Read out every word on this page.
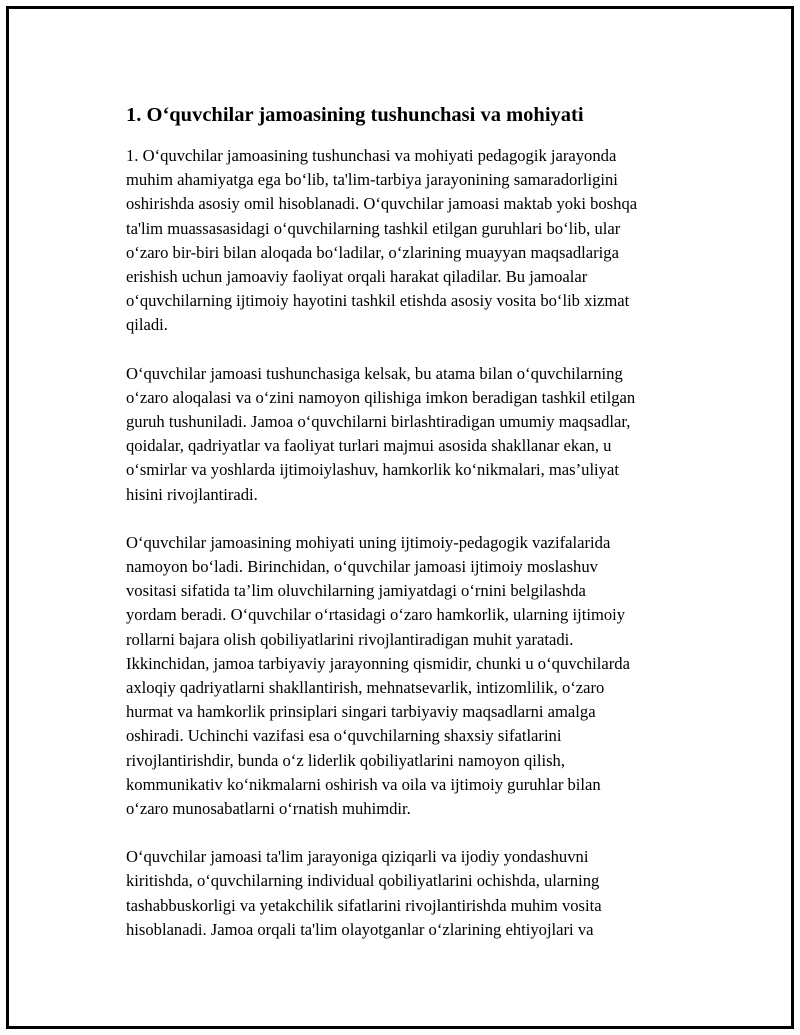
1. O‘quvchilar jamoasining tushunchasi va mohiyati

1. O‘quvchilar jamoasining tushunchasi va mohiyati pedagogik jarayonda
muhim ahamiyatga ega bo‘lib, ta'lim-tarbiya jarayonining samaradorligini
oshirishda asosiy omil hisoblanadi. O‘quvchilar jamoasi maktab yoki boshqa
ta'lim muassasasidagi o‘quvchilarning tashkil etilgan guruhlari bo‘lib, ular
o‘zaro bir-biri bilan aloqada bo‘ladilar, o‘zlarining muayyan maqsadlariga
erishish uchun jamoaviy faoliyat orqali harakat qiladilar. Bu jamoalar
o‘quvchilarning ijtimoiy hayotini tashkil etishda asosiy vosita bo‘lib xizmat
qiladi.

O‘quvchilar jamoasi tushunchasiga kelsak, bu atama bilan o‘quvchilarning
o‘zaro aloqalasi va o‘zini namoyon qilishiga imkon beradigan tashkil etilgan
guruh tushuniladi. Jamoa o‘quvchilarni birlashtiradigan umumiy maqsadlar,
qoidalar, qadriyatlar va faoliyat turlari majmui asosida shakllanar ekan, u
o‘smirlar va yoshlarda ijtimoiylashuv, hamkorlik ko‘nikmalari, mas’uliyat
hisini rivojlantiradi.

O‘quvchilar jamoasining mohiyati uning ijtimoiy-pedagogik vazifalarida
namoyon bo‘ladi. Birinchidan, o‘quvchilar jamoasi ijtimoiy moslashuv
vositasi sifatida ta’lim oluvchilarning jamiyatdagi o‘rnini belgilashda
yordam beradi. O‘quvchilar o‘rtasidagi o‘zaro hamkorlik, ularning ijtimoiy
rollarni bajara olish qobiliyatlarini rivojlantiradigan muhit yaratadi.
Ikkinchidan, jamoa tarbiyaviy jarayonning qismidir, chunki u o‘quvchilarda
axloqiy qadriyatlarni shakllantirish, mehnatsevarlik, intizomlilik, o‘zaro
hurmat va hamkorlik prinsiplari singari tarbiyaviy maqsadlarni amalga
oshiradi. Uchinchi vazifasi esa o‘quvchilarning shaxsiy sifatlarini
rivojlantirishdir, bunda o‘z liderlik qobiliyatlarini namoyon qilish,
kommunikativ ko‘nikmalarni oshirish va oila va ijtimoiy guruhlar bilan
o‘zaro munosabatlarni o‘rnatish muhimdir.

O‘quvchilar jamoasi ta'lim jarayoniga qiziqarli va ijodiy yondashuvni
kiritishda, o‘quvchilarning individual qobiliyatlarini ochishda, ularning
tashabbuskorligi va yetakchilik sifatlarini rivojlantirishda muhim vosita
hisoblanadi. Jamoa orqali ta'lim olayotganlar o‘zlarining ehtiyojlari va
